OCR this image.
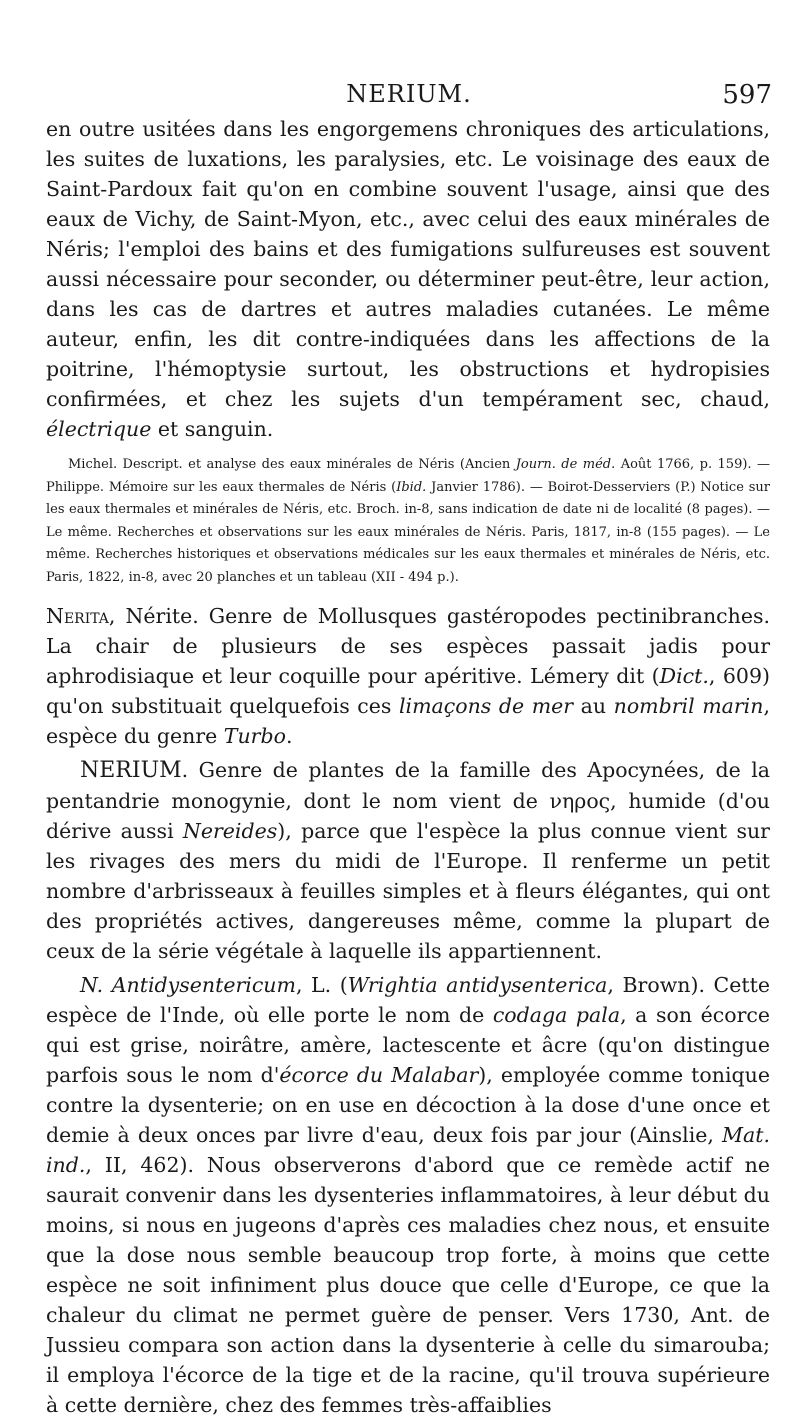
NERIUM.	597

en outre usitées dans les engorgemens chroniques des articulations, les suites de luxations, les paralysies, etc. Le voisinage des eaux de Saint-Pardoux fait qu'on en combine souvent l'usage, ainsi que des eaux de Vichy, de Saint-Myon, etc., avec celui des eaux minérales de Néris; l'emploi des bains et des fumigations sulfureuses est souvent aussi nécessaire pour seconder, ou déterminer peut-être, leur action, dans les cas de dartres et autres maladies cutanées. Le même auteur, enfin, les dit contre-indiquées dans les affections de la poitrine, l'hémoptysie surtout, les obstructions et hydropisies confirmées, et chez les sujets d'un tempérament sec, chaud, électrique et sanguin.

Michel. Descript. et analyse des eaux minérales de Néris (Ancien Journ. de méd. Août 1766, p. 159). — Philippe. Mémoire sur les eaux thermales de Néris (Ibid. Janvier 1786). — Boirot-Desserviers (P.) Notice sur les eaux thermales et minérales de Néris, etc. Broch. in-8, sans indication de date ni de localité (8 pages). — Le même. Recherches et observations sur les eaux minérales de Néris. Paris, 1817, in-8 (155 pages). — Le même. Recherches historiques et observations médicales sur les eaux thermales et minérales de Néris, etc. Paris, 1822, in-8, avec 20 planches et un tableau (XII - 494 p.).

Nerita, Nérite. Genre de Mollusques gastéropodes pectinibranches. La chair de plusieurs de ses espèces passait jadis pour aphrodisiaque et leur coquille pour apéritive. Lémery dit (Dict., 609) qu'on substituait quelquefois ces limaçons de mer au nombril marin, espèce du genre Turbo.

NERIUM. Genre de plantes de la famille des Apocynées, de la pentandrie monogynie, dont le nom vient de νηρος, humide (d'ou dérive aussi Nereides), parce que l'espèce la plus connue vient sur les rivages des mers du midi de l'Europe. Il renferme un petit nombre d'arbrisseaux à feuilles simples et à fleurs élégantes, qui ont des propriétés actives, dangereuses même, comme la plupart de ceux de la série végétale à laquelle ils appartiennent.

N. Antidysentericum, L. (Wrightia antidysenterica, Brown). Cette espèce de l'Inde, où elle porte le nom de codaga pala, a son écorce qui est grise, noirâtre, amère, lactescente et âcre (qu'on distingue parfois sous le nom d'écorce du Malabar), employée comme tonique contre la dysenterie; on en use en décoction à la dose d'une once et demie à deux onces par livre d'eau, deux fois par jour (Ainslie, Mat. ind., II, 462). Nous observerons d'abord que ce remède actif ne saurait convenir dans les dysenteries inflammatoires, à leur début du moins, si nous en jugeons d'après ces maladies chez nous, et ensuite que la dose nous semble beaucoup trop forte, à moins que cette espèce ne soit infiniment plus douce que celle d'Europe, ce que la chaleur du climat ne permet guère de penser. Vers 1730, Ant. de Jussieu compara son action dans la dysenterie à celle du simarouba; il employa l'écorce de la tige et de la racine, qu'il trouva supérieure à cette dernière, chez des femmes très-affaiblies
